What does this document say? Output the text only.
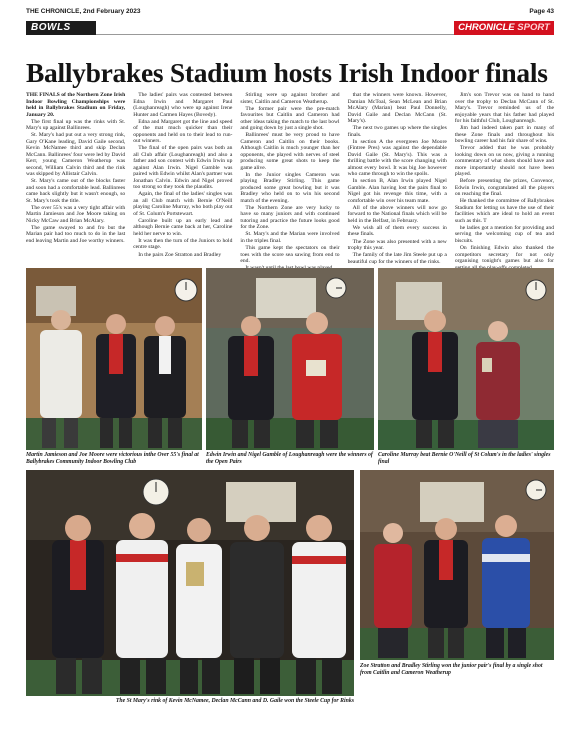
THE CHRONICLE, 2nd February 2023	Page 43
BOWLS	CHRONICLE SPORT
Ballybrakes Stadium hosts Irish Indoor finals

THE FINALS of the Northern Zone Irish Indoor Bowling Championships were held in Ballybrakes Stadium on Friday, January 20.

The first final up was the rinks with St. Mary's up against Ballinrees.

St. Mary's had put out a very strong rink, Gary O'Kane leading, David Gaile second, Kevin McNamee third and skip Declan McCann. Ballinrees' four were led by David Kerr, young Cameron Weatherup was second, William Calvin third and the rink was skipped by Allistair Calvin.

St. Mary's came out of the blocks faster and soon had a comfortable lead. Ballinrees came back slightly but it wasn't enough, so St. Mary's took the title.

The over 55's was a very tight affair with Martin Jamieson and Joe Moore taking on Nicky McCaw and Brian McAlary.

The game swayed to and fro but the Marian pair had too much to do in the last end leaving Martin and Joe worthy winners.

The ladies' pairs was contested between Edna Irwin and Margaret Paul (Loughanreagh) who were up against Irene Hunter and Carmen Hayes (Bovedy).

Edna and Margaret got the line and speed of the mat much quicker than their opponents and held on to their lead to run-out winners.

The final of the open pairs was both an all Club affair (Loughanreagh) and also a father and son contest with Edwin Irwin up against Alan Irwin. Nigel Gamble was paired with Edwin whilst Alan's partner was Jonathan Calvin. Edwin and Nigel proved too strong so they took the plaudits.

Again, the final of the ladies' singles was an all Club match with Bernie O'Neill playing Caroline Murray, who both play out of St. Colum's Portstewart.

Caroline built up an early lead and although Bernie came back at her, Caroline held her nerve to win.

It was then the turn of the Juniors to hold centre stage.

In the pairs Zoe Stratton and Bradley

Stirling were up against brother and sister, Caitlin and Cameron Weatherup.

The former pair were the pre-match favourites but Caitlin and Cameron had other ideas taking the match to the last bowl and going down by just a single shot.

Ballinrees' must be very proud to have Cameron and Caitlin on their books. Although Caitlin is much younger than her opponents, she played with nerves of steel producing some great shots to keep the game alive.

In the Junior singles Cameron was playing Bradley Stirling. This game produced some great bowling but it was Bradley who held on to win his second match of the evening.

The Northern Zone are very lucky to have so many juniors and with continued tutoring and practice the future looks good for the Zone.

St. Mary's and the Marian were involved in the triples final.

This game kept the spectators on their toes with the score sea sawing from end to end.

that the winners were known. However, Damian McToal, Sean McLean and Brian McAlary (Marian) beat Paul Donnelly, David Gaile and Declan McCann (St. Mary's).

The next two games up where the singles finals.

In section A the evergreen Joe Moore (Fintree Pres) was against the dependable David Gaile (St. Mary's). This was a thrilling battle with the score changing with almost every bowl. It was big Joe however who came through to win the spoils.

In section B, Alan Irwin played Nigel Gamble. Alan having lost the pairs final to Nigel got his revenge this time, with a comfortable win over his team mate.

All of the above winners will now go forward to the National finals which will be held in the Belfast, in February.

We wish all of them every success in these finals.

The Zone was also presented with a new trophy this year.

The family of the late Jim Steele put up a beautiful cup for the winners of the rinks.

Jim's son Trevor was on hand to hand over the trophy to Declan McCann of St. Mary's. Trevor reminded us of the enjoyable years that his father had played for his faithful Club, Loughanreagh.

Jim had indeed taken part in many of these Zone finals and throughout his bowling career had his fair share of wins.

Trevor added that he was probably looking down on us now, giving a running commentary of what shots should have and more importantly should not have been played.

Before presenting the prizes, Convenor, Edwin Irwin, congratulated all the players on reaching the final.

He thanked the committee of Ballybrakes Stadium for letting us have the use of their facilities which are ideal to hold an event such as this. T

he ladies got a mention for providing and serving the welcoming cup of tea and biscuits.

On finishing Edwin also thanked the competitors secretary for not only organising tonight's games but also for

Martin Jamieson and Joe Moore were victorious inthe Over 55's final at Ballybrakes Community Indoor Bowling Club
Edwin Irwin and Nigel Gamble of Loughanreagh were the winners of the Open Pairs
Caroline Murray beat Bernie O'Neill of St Colum's in the ladies' singles final
The St Mary's rink of Kevin McNamee, Declan McCann and D. Gaile won the Steele Cup for Rinks
Zoe Stratton and Bradley Stirling won the junior pair's final by a single shot from Caitlin and Cameron Weatherup
